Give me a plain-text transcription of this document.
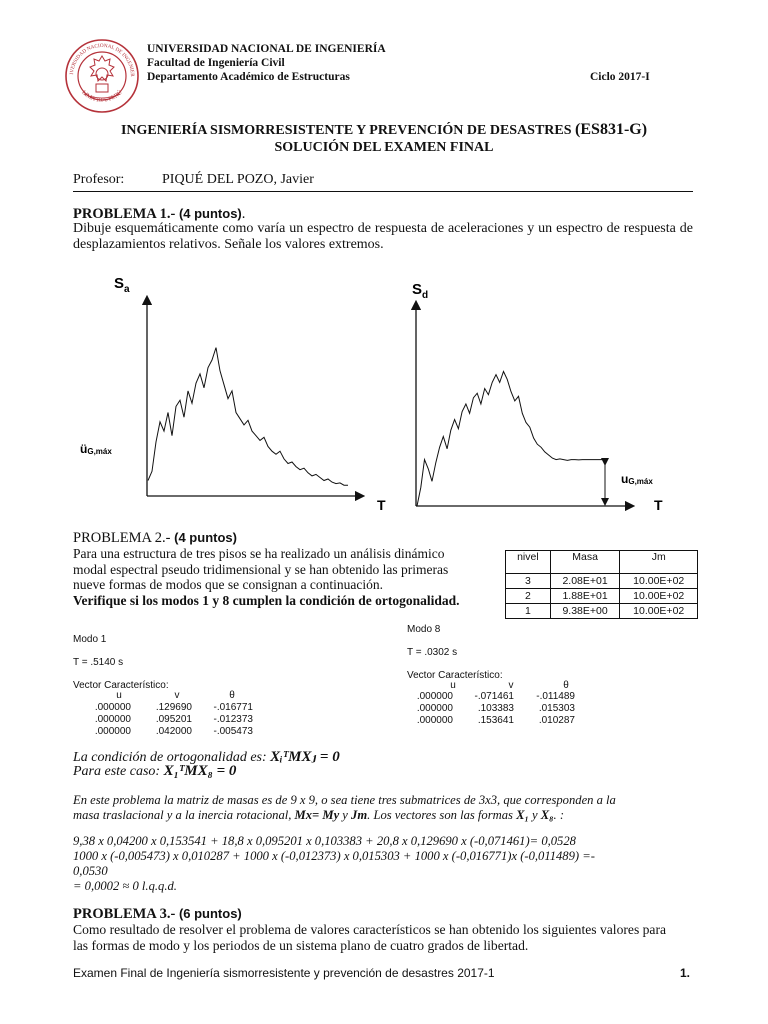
IVERSIDAD NACIONAL DE INGENIER
LIMA 1876 PERÚ
UNIVERSIDAD NACIONAL DE INGENIERÍA
Facultad de Ingeniería Civil
Departamento Académico de Estructuras	Ciclo 2017-I
INGENIERÍA SISMORRESISTENTE Y PREVENCIÓN DE DESASTRES (ES831-G)
SOLUCIÓN DEL EXAMEN FINAL
Profesor:	PIQUÉ DEL POZO, Javier
PROBLEMA 1.- (4 puntos).
Dibuje esquemáticamente como varía un espectro de respuesta de aceleraciones y un espectro de respuesta de desplazamientos relativos. Señale los valores extremos.
$S_a$
üG,máx
T
$S_d$
uG,máx
T
PROBLEMA 2.- (4 puntos)
Para una estructura de tres pisos se ha realizado un análisis dinámico
modal espectral pseudo tridimensional y se han obtenido las primeras
nueve formas de modos que se consignan a continuación.
Verifique si los modos 1 y 8 cumplen la condición de ortogonalidad.
nivel	Masa	Jm
3	2.08E+01	10.00E+02
2	1.88E+01	10.00E+02
1	9.38E+00	10.00E+02
Modo 1
T = .5140 s
Vector Característico:
u	v	θ
.000000	.129690	-.016771
.000000	.095201	-.012373
.000000	.042000	-.005473
Modo 8
T = .0302 s
Vector Característico:
u	v	θ
.000000	-.071461	-.011489
.000000	.103383	.015303
.000000	.153641	.010287
La condición de ortogonalidad es: XᵢᵀMXⱼ = 0
Para este caso: X₁ᵀMX₈ = 0
En este problema la matriz de masas es de 9 x 9, o sea tiene tres submatrices de 3x3, que corresponden a la
masa traslacional y a la inercia rotacional, Mx= My y Jm. Los vectores son las formas X₁ y X₈. :
9,38 x 0,04200 x 0,153541 + 18,8 x 0,095201 x 0,103383 + 20,8 x 0,129690 x (-0,071461)= 0,0528
1000 x (-0,005473) x 0,010287 + 1000 x (-0,012373) x 0,015303 + 1000 x (-0,016771)x (-0,011489) =-
0,0530
= 0,0002 ≈ 0 l.q.q.d.
PROBLEMA 3.- (6 puntos)
Como resultado de resolver el problema de valores característicos se han obtenido los siguientes valores para
las formas de modo y los periodos de un sistema plano de cuatro grados de libertad.
Examen Final de Ingeniería sismorresistente y prevención de desastres 2017-1	1.
